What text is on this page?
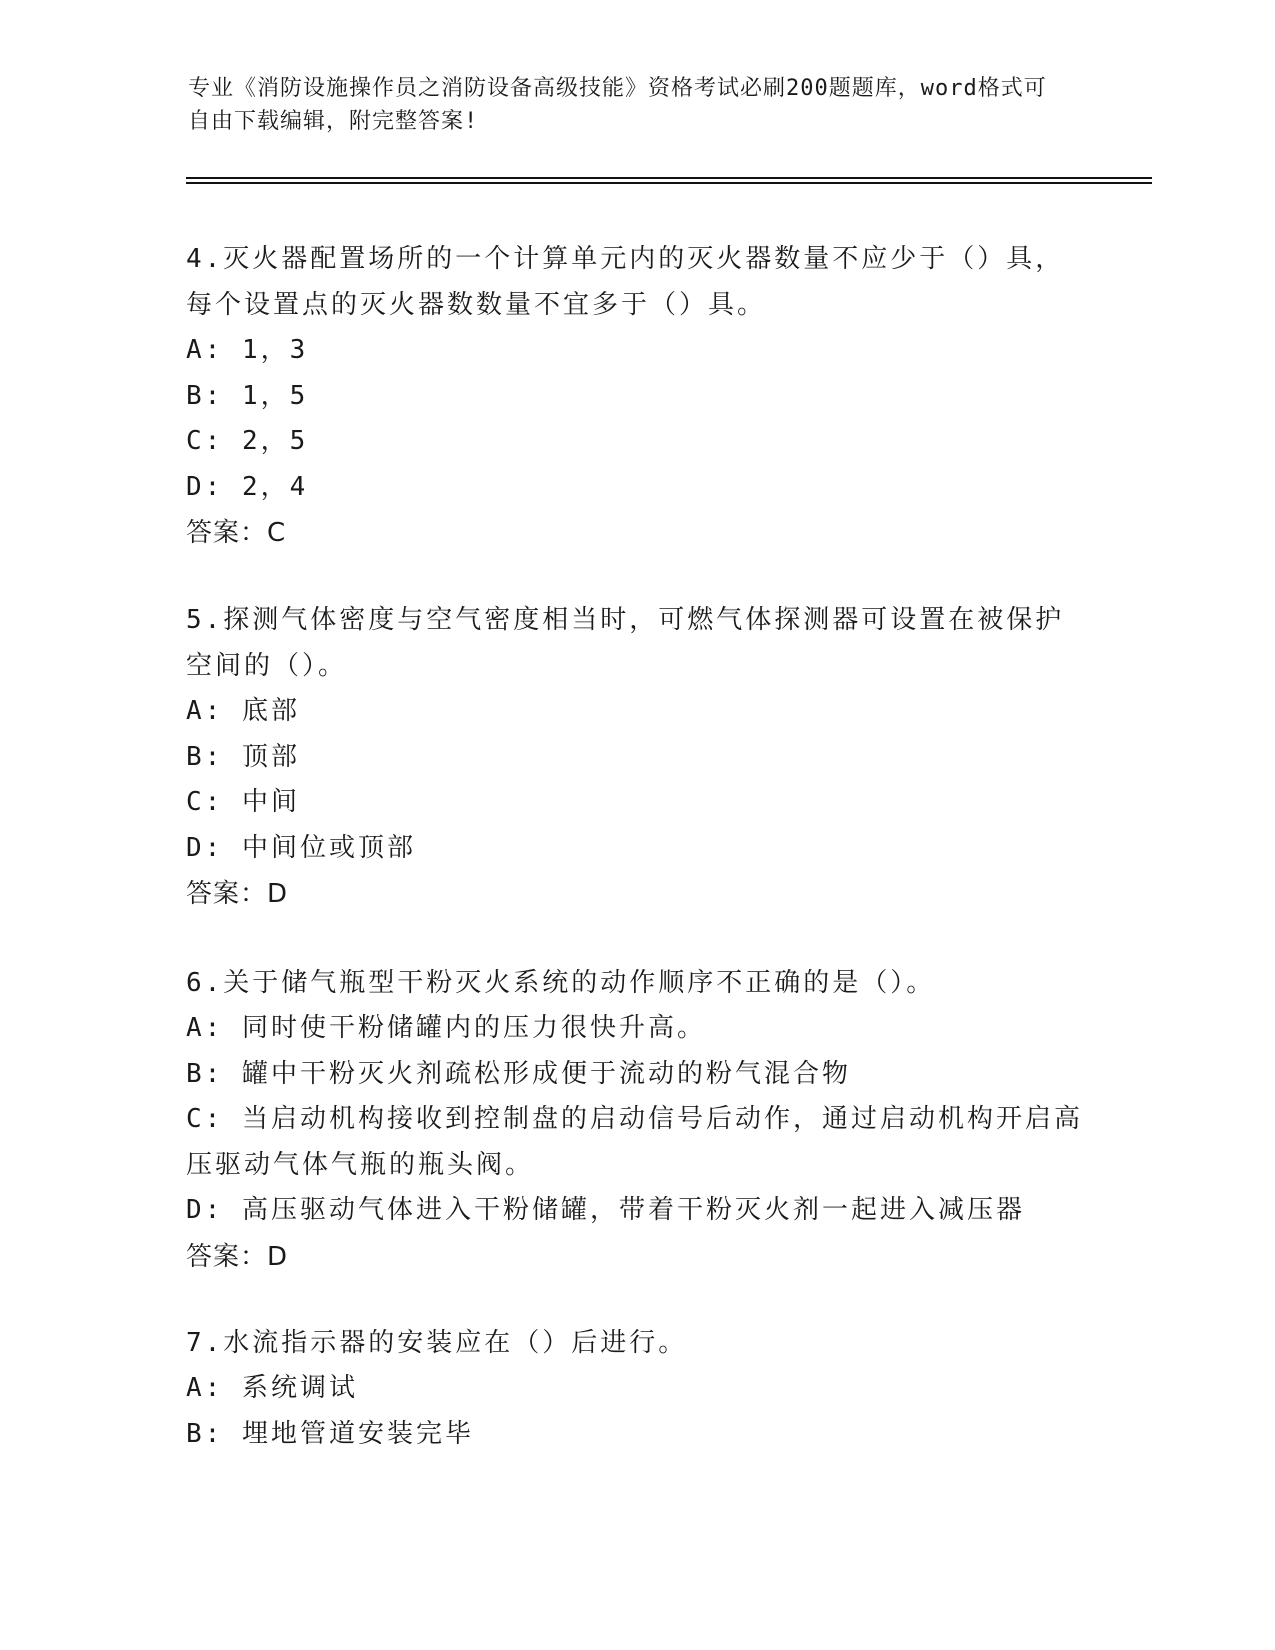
专业《消防设施操作员之消防设备高级技能》资格考试必刷200题题库，word格式可自由下载编辑，附完整答案!

4.灭火器配置场所的一个计算单元内的灭火器数量不应少于（）具，每个设置点的灭火器数数量不宜多于（）具。

A: 1，3

B: 1，5

C: 2，5

D: 2，4

答案：C

5.探测气体密度与空气密度相当时，可燃气体探测器可设置在被保护空间的（）。

A: 底部

B: 顶部

C: 中间

D: 中间位或顶部

答案：D

6.关于储气瓶型干粉灭火系统的动作顺序不正确的是（）。

A: 同时使干粉储罐内的压力很快升高。

B: 罐中干粉灭火剂疏松形成便于流动的粉气混合物

C: 当启动机构接收到控制盘的启动信号后动作，通过启动机构开启高压驱动气体气瓶的瓶头阀。

D: 高压驱动气体进入干粉储罐，带着干粉灭火剂一起进入减压器

答案：D

7.水流指示器的安装应在（）后进行。

A: 系统调试

B: 埋地管道安装完毕
